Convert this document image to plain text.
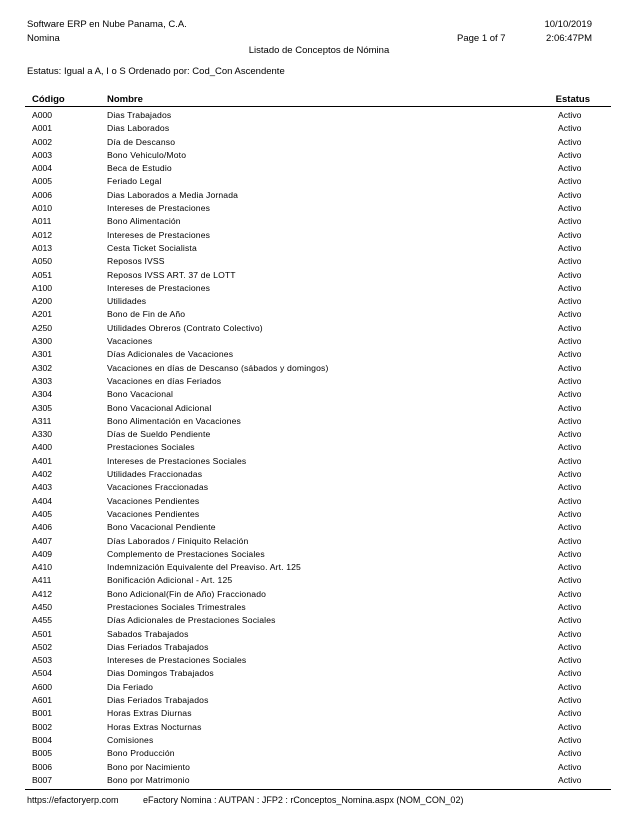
Software ERP en Nube Panama, C.A.
Nomina
10/10/2019
2:06:47PM
Page 1 of 7
Listado de Conceptos de Nómina
Estatus: Igual a A, I o S Ordenado por: Cod_Con Ascendente
Código	Nombre	Estatus
A000	Dias Trabajados	Activo
A001	Dias Laborados	Activo
A002	Día de Descanso	Activo
A003	Bono Vehiculo/Moto	Activo
A004	Beca de Estudio	Activo
A005	Feriado Legal	Activo
A006	Dias Laborados a Media Jornada	Activo
A010	Intereses de Prestaciones	Activo
A011	Bono Alimentación	Activo
A012	Intereses de Prestaciones	Activo
A013	Cesta Ticket Socialista	Activo
A050	Reposos IVSS	Activo
A051	Reposos IVSS ART. 37 de LOTT	Activo
A100	Intereses de Prestaciones	Activo
A200	Utilidades	Activo
A201	Bono de Fin de Año	Activo
A250	Utilidades Obreros (Contrato Colectivo)	Activo
A300	Vacaciones	Activo
A301	Días Adicionales de Vacaciones	Activo
A302	Vacaciones en días de Descanso (sábados y domingos)	Activo
A303	Vacaciones en días Feriados	Activo
A304	Bono Vacacional	Activo
A305	Bono Vacacional Adicional	Activo
A311	Bono Alimentación en Vacaciones	Activo
A330	Días de Sueldo Pendiente	Activo
A400	Prestaciones Sociales	Activo
A401	Intereses de Prestaciones Sociales	Activo
A402	Utilidades Fraccionadas	Activo
A403	Vacaciones Fraccionadas	Activo
A404	Vacaciones Pendientes	Activo
A405	Vacaciones Pendientes	Activo
A406	Bono Vacacional Pendiente	Activo
A407	Días Laborados / Finiquito Relación	Activo
A409	Complemento de Prestaciones Sociales	Activo
A410	Indemnización Equivalente del Preaviso. Art. 125	Activo
A411	Bonificación Adicional - Art. 125	Activo
A412	Bono Adicional(Fin de Año) Fraccionado	Activo
A450	Prestaciones Sociales Trimestrales	Activo
A455	Días Adicionales de Prestaciones Sociales	Activo
A501	Sabados Trabajados	Activo
A502	Dias Feriados Trabajados	Activo
A503	Intereses de Prestaciones Sociales	Activo
A504	Dias Domingos Trabajados	Activo
A600	Dia Feriado	Activo
A601	Dias Feriados Trabajados	Activo
B001	Horas Extras Diurnas	Activo
B002	Horas Extras Nocturnas	Activo
B004	Comisiones	Activo
B005	Bono Producción	Activo
B006	Bono por Nacimiento	Activo
B007	Bono por Matrimonio	Activo
https://efactoryerp.com	eFactory Nomina : AUTPAN : JFP2 : rConceptos_Nomina.aspx (NOM_CON_02)
